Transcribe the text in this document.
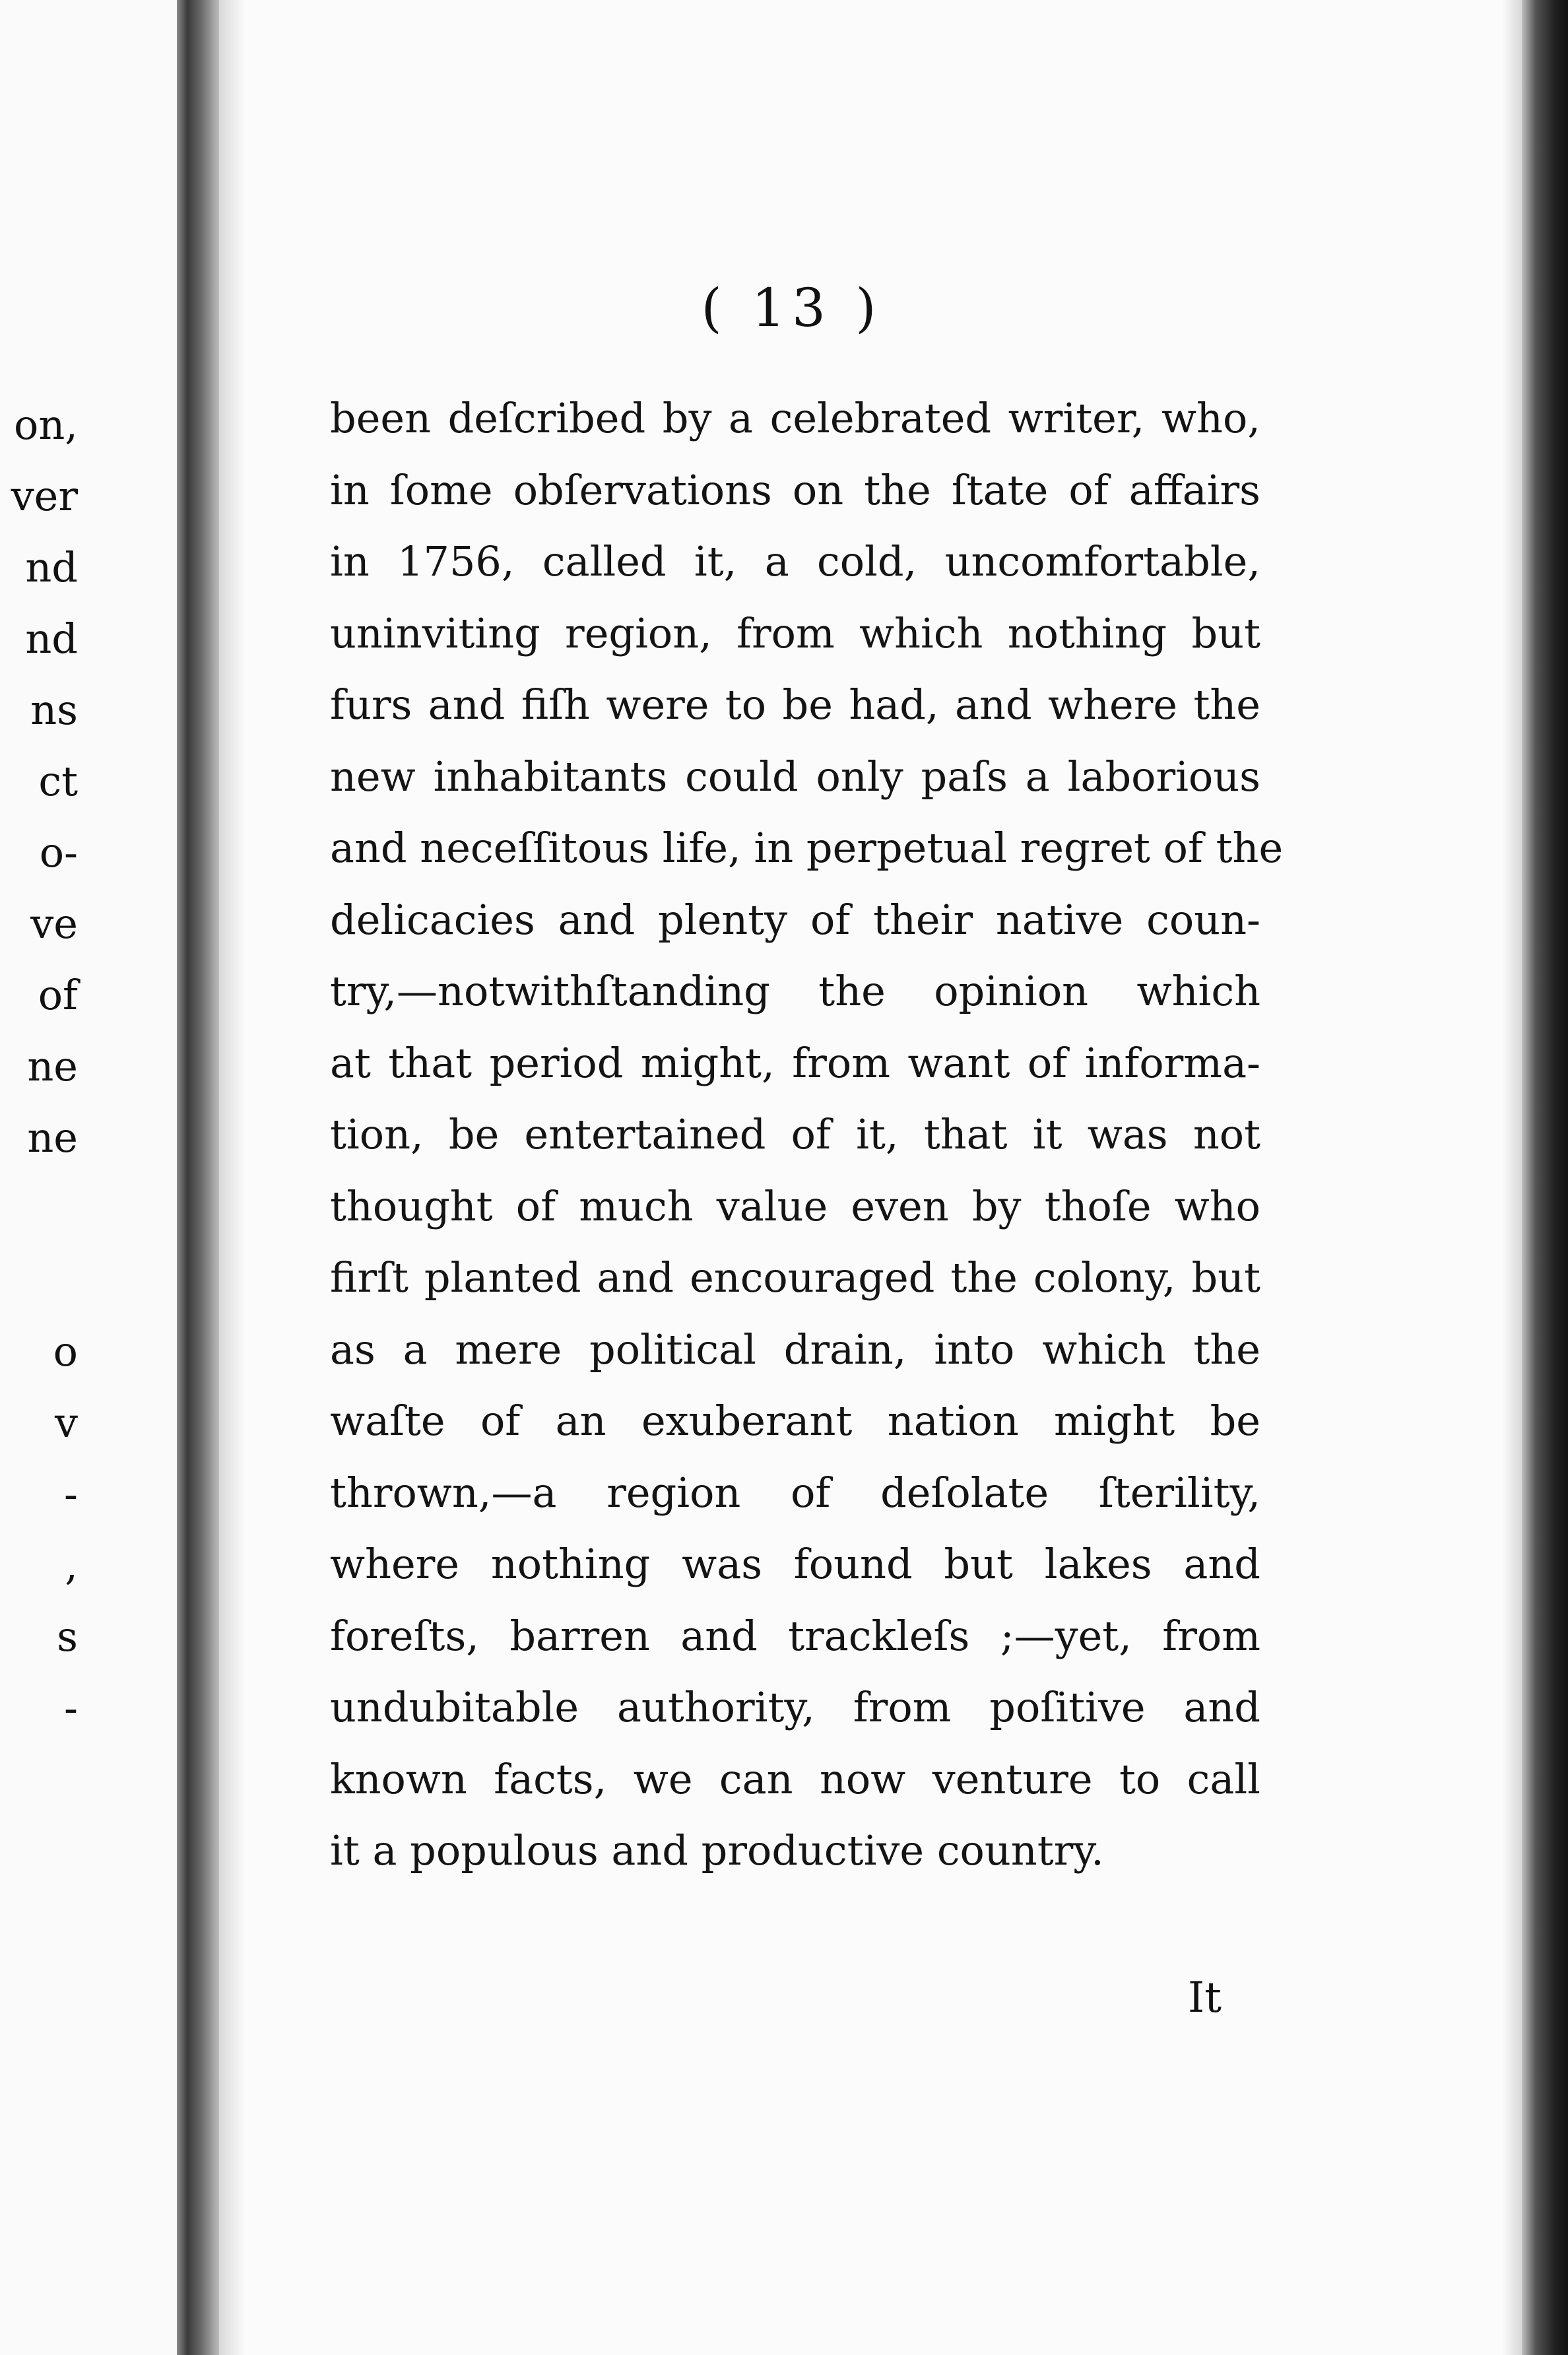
on,
ver
nd
nd
ns
ct
o-
ve
of
ne
ne
o
v
-
,
s
-
( 13 )
been deſcribed by a celebrated writer, who,
in ſome obſervations on the ſtate of affairs
in 1756, called it, a cold, uncomfortable,
uninviting region, from which nothing but
furs and fiſh were to be had, and where the
new inhabitants could only paſs a laborious
and neceſſitous life, in perpetual regret of the
delicacies and plenty of their native coun-
try,—notwithſtanding the opinion which
at that period might, from want of informa-
tion, be entertained of it, that it was not
thought of much value even by thoſe who
firſt planted and encouraged the colony, but
as a mere political drain, into which the
waſte of an exuberant nation might be
thrown,—a region of deſolate ſterility,
where nothing was found but lakes and
foreſts, barren and trackleſs ;—yet, from
undubitable authority, from poſitive and
known facts, we can now venture to call
it a populous and productive country.
It
